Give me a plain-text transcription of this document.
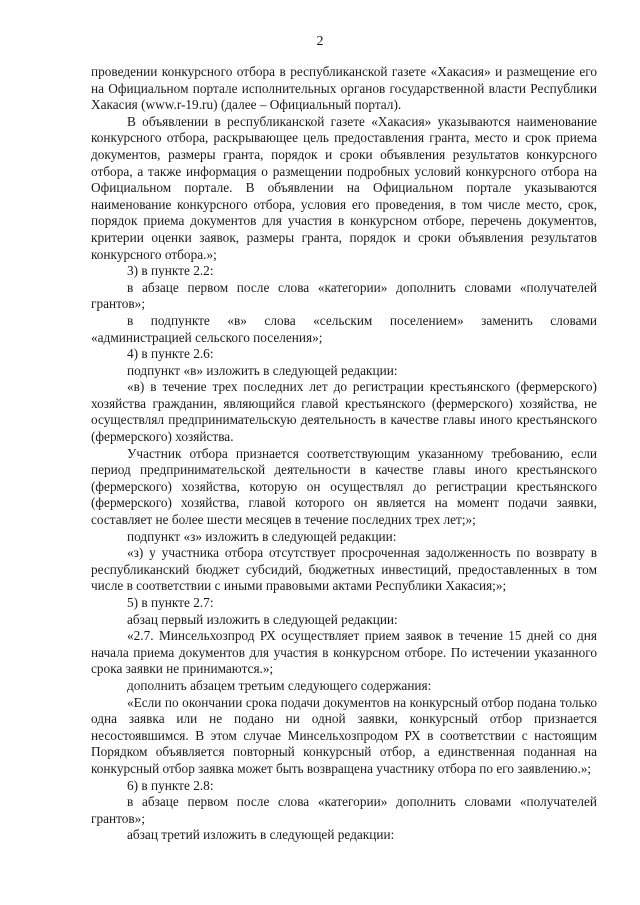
2

проведении конкурсного отбора в республиканской газете «Хакасия» и размещение его на Официальном портале исполнительных органов государственной власти Республики Хакасия (www.r-19.ru) (далее – Официальный портал).

В объявлении в республиканской газете «Хакасия» указываются наименование конкурсного отбора, раскрывающее цель предоставления гранта, место и срок приема документов, размеры гранта, порядок и сроки объявления результатов конкурсного отбора, а также информация о размещении подробных условий конкурсного отбора на Официальном портале. В объявлении на Официальном портале указываются наименование конкурсного отбора, условия его проведения, в том числе место, срок, порядок приема документов для участия в конкурсном отборе, перечень документов, критерии оценки заявок, размеры гранта, порядок и сроки объявления результатов конкурсного отбора.»;

3) в пункте 2.2:

в абзаце первом после слова «категории» дополнить словами «получателей грантов»;

в подпункте «в» слова «сельским поселением» заменить словами «администрацией сельского поселения»;

4) в пункте 2.6:

подпункт «в» изложить в следующей редакции:

«в) в течение трех последних лет до регистрации крестьянского (фермерского) хозяйства гражданин, являющийся главой крестьянского (фермерского) хозяйства, не осуществлял предпринимательскую деятельность в качестве главы иного крестьянского (фермерского) хозяйства.

Участник отбора признается соответствующим указанному требованию, если период предпринимательской деятельности в качестве главы иного крестьянского (фермерского) хозяйства, которую он осуществлял до регистрации крестьянского (фермерского) хозяйства, главой которого он является на момент подачи заявки, составляет не более шести месяцев в течение последних трех лет;»;

подпункт «з» изложить в следующей редакции:

«з) у участника отбора отсутствует просроченная задолженность по возврату в республиканский бюджет субсидий, бюджетных инвестиций, предоставленных в том числе в соответствии с иными правовыми актами Республики Хакасия;»;

5) в пункте 2.7:

абзац первый изложить в следующей редакции:

«2.7. Минсельхозпрод РХ осуществляет прием заявок в течение 15 дней со дня начала приема документов для участия в конкурсном отборе. По истечении указанного срока заявки не принимаются.»;

дополнить абзацем третьим следующего содержания:

«Если по окончании срока подачи документов на конкурсный отбор подана только одна заявка или не подано ни одной заявки, конкурсный отбор признается несостоявшимся. В этом случае Минсельхозпродом РХ в соответствии с настоящим Порядком объявляется повторный конкурсный отбор, а единственная поданная на конкурсный отбор заявка может быть возвращена участнику отбора по его заявлению.»;

6) в пункте 2.8:

в абзаце первом после слова «категории» дополнить словами «получателей грантов»;

абзац третий изложить в следующей редакции:
